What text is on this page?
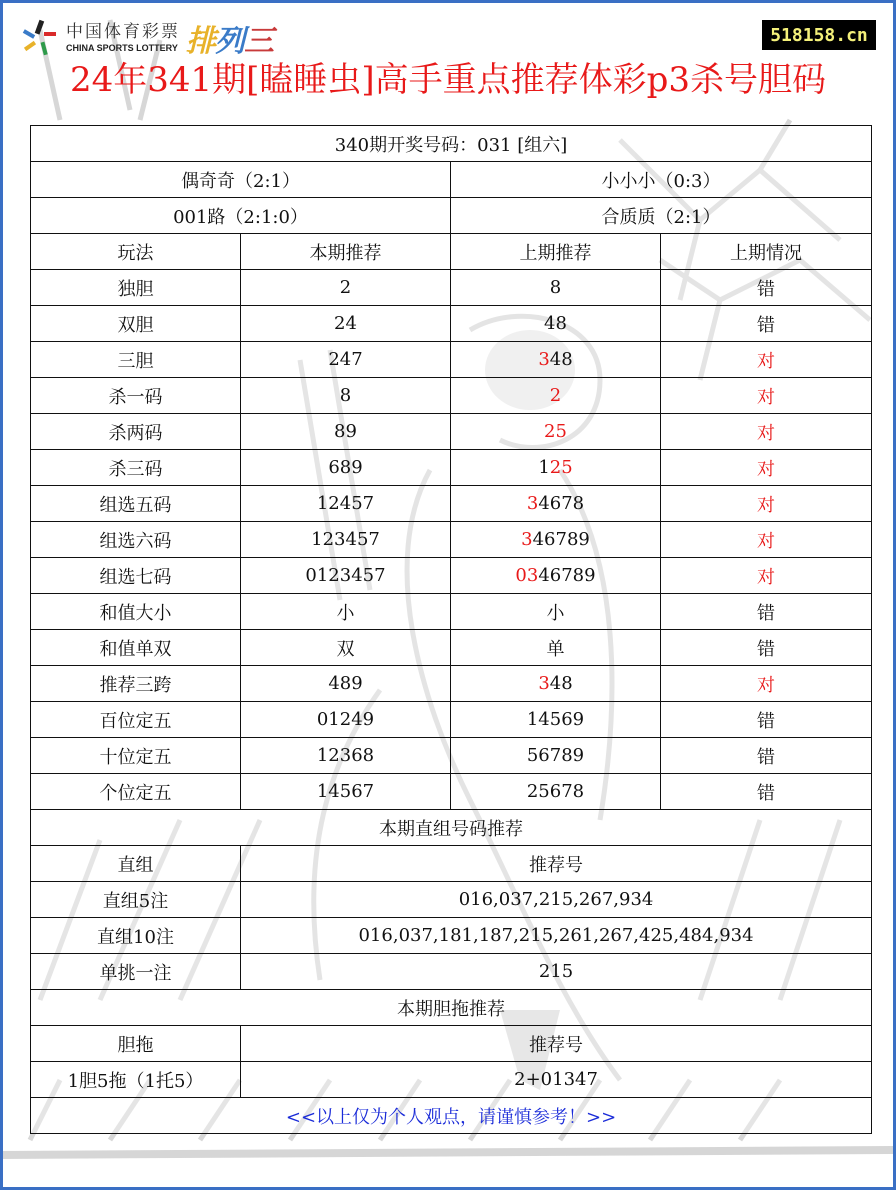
中国体育彩票
CHINA SPORTS LOTTERY 排 列 三	518158.cn
24年341期[瞌睡虫]高手重点推荐体彩p3杀号胆码
340期开奖号码：031 [组六]			
偶奇奇（2:1）		小小小（0:3）	
001路（2:1:0）		合质质（2:1）	
玩法	本期推荐	上期推荐	上期情况
独胆	2	8	错
双胆	24	48	错
三胆	247	348	对
杀一码	8	2	对
杀两码	89	25	对
杀三码	689	125	对
组选五码	12457	34678	对
组选六码	123457	346789	对
组选七码	0123457	0346789	对
和值大小	小	小	错
和值单双	双	单	错
推荐三跨	489	348	对
百位定五	01249	14569	错
十位定五	12368	56789	错
个位定五	14567	25678	错
本期直组号码推荐			
直组	推荐号		
直组5注	016,037,215,267,934		
直组10注	016,037,181,187,215,261,267,425,484,934		
单挑一注	215		
本期胆拖推荐			
胆拖	推荐号		
1胆5拖（1托5）	2+01347		
<<以上仅为个人观点，请谨慎参考！>>			
